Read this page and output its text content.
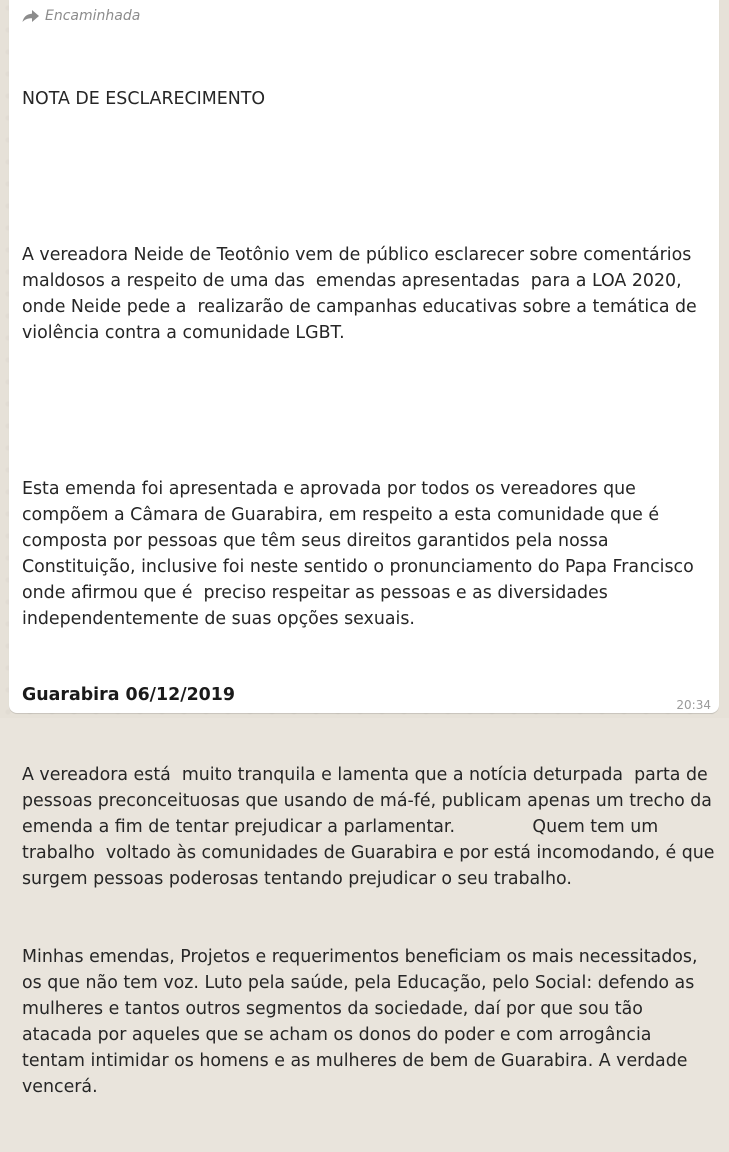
Encaminhada

NOTA DE ESCLARECIMENTO

A vereadora Neide de Teotônio vem de público esclarecer sobre comentários maldosos a respeito de uma das  emendas apresentadas  para a LOA 2020, onde Neide pede a  realizarão de campanhas educativas sobre a temática de violência contra a comunidade LGBT.

Esta emenda foi apresentada e aprovada por todos os vereadores que compõem a Câmara de Guarabira, em respeito a esta comunidade que é composta por pessoas que têm seus direitos garantidos pela nossa Constituição, inclusive foi neste sentido o pronunciamento do Papa Francisco onde afirmou que é  preciso respeitar as pessoas e as diversidades independentemente de suas opções sexuais.

A vereadora está  muito tranquila e lamenta que a notícia deturpada  parta de pessoas preconceituosas que usando de má-fé, publicam apenas um trecho da emenda a fim de tentar prejudicar a parlamentar.              Quem tem um trabalho  voltado às comunidades de Guarabira e por está incomodando, é que surgem pessoas poderosas tentando prejudicar o seu trabalho.

Minhas emendas, Projetos e requerimentos beneficiam os mais necessitados, os que não tem voz. Luto pela saúde, pela Educação, pelo Social: defendo as mulheres e tantos outros segmentos da sociedade, daí por que sou tão atacada por aqueles que se acham os donos do poder e com arrogância tentam intimidar os homens e as mulheres de bem de Guarabira. A verdade vencerá.

Guarabira 06/12/2019	20:34
